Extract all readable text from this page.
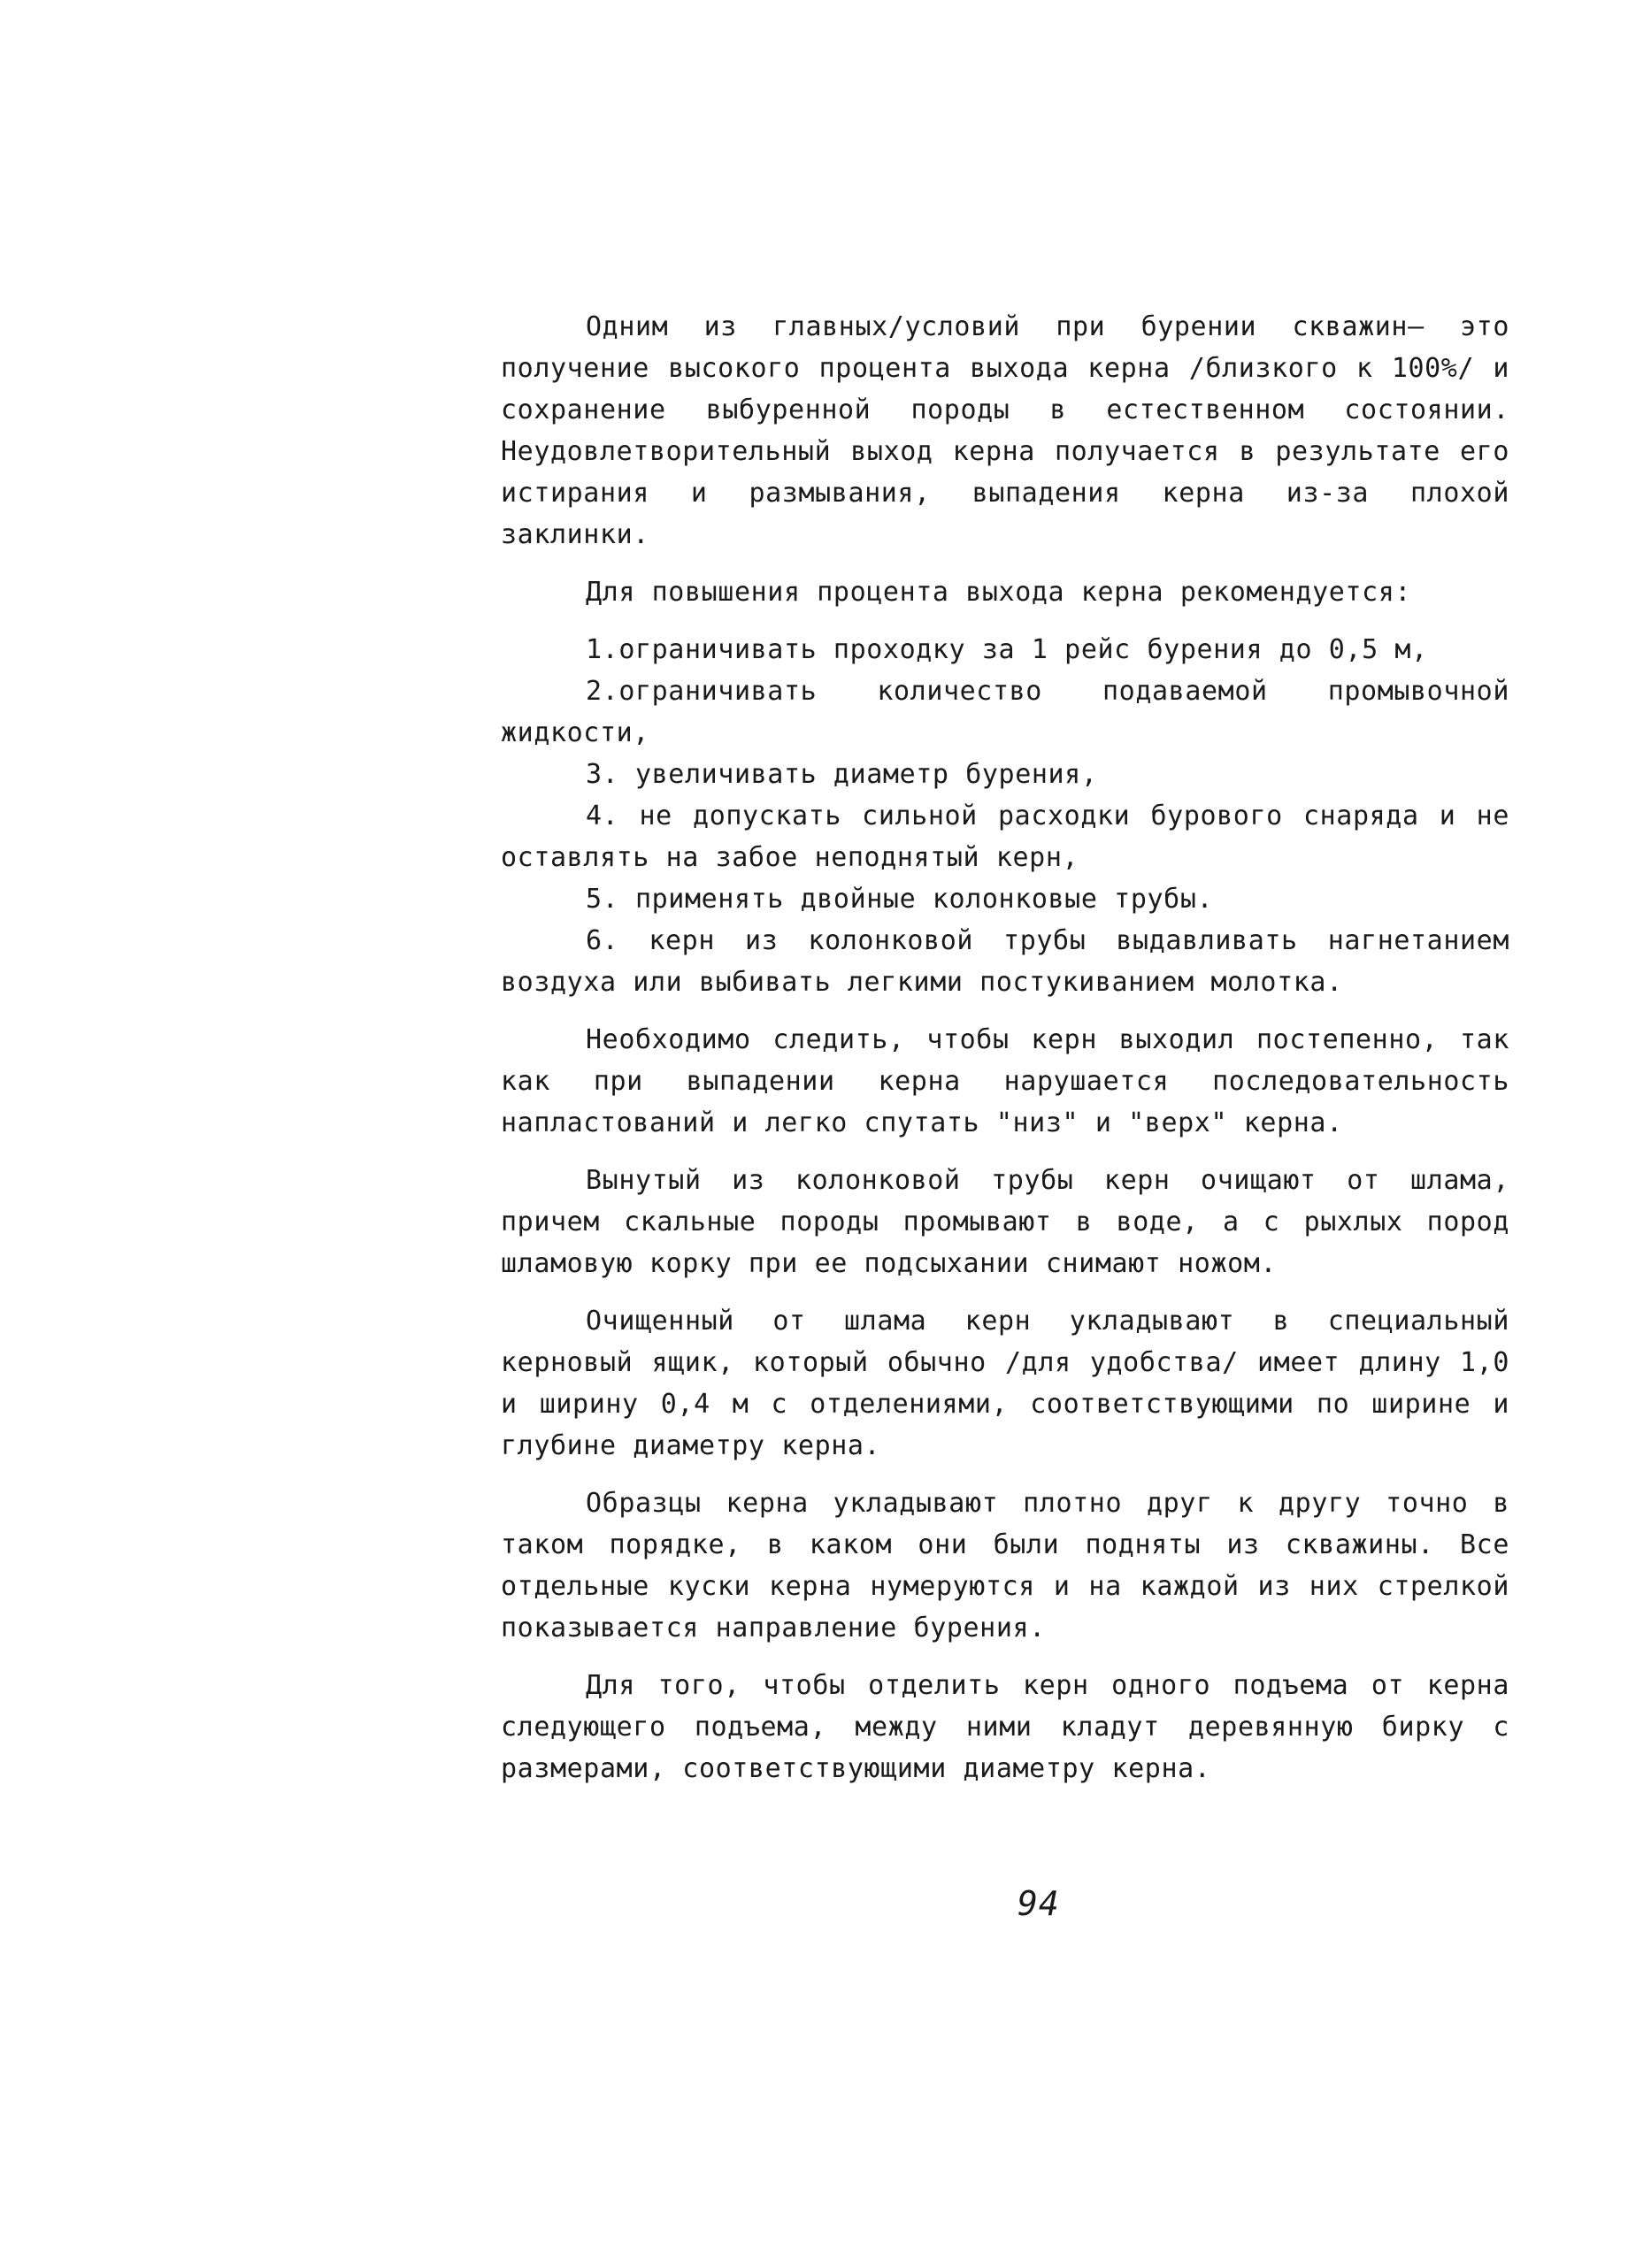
Одним из главных/условий при бурении скважин— это получение высокого процента выхода керна /близкого к 100%/ и сохранение выбуренной породы в естественном состоянии. Неудовлетворительный выход керна получается в результате его истирания и размывания, выпадения керна из-за плохой заклинки.

Для повышения процента выхода керна рекомендуется:

1.ограничивать проходку за 1 рейс бурения до 0,5 м,

2.ограничивать количество подаваемой промывочной жидкости,

3. увеличивать диаметр бурения,

4. не допускать сильной расходки бурового снаряда и не оставлять на забое неподнятый керн,

5. применять двойные колонковые трубы.

6. керн из колонковой трубы выдавливать нагнетанием воздуха или выбивать легкими постукиванием молотка.

Необходимо следить, чтобы керн выходил постепенно, так как при выпадении керна нарушается последовательность напластований и легко спутать "низ" и "верх" керна.

Вынутый из колонковой трубы керн очищают от шлама, причем скальные породы промывают в воде, а с рыхлых пород шламовую корку при ее подсыхании снимают ножом.

Очищенный от шлама керн укладывают в специальный керновый ящик, который обычно /для удобства/ имеет длину 1,0 и ширину 0,4 м с отделениями, соответствующими по ширине и глубине диаметру керна.

Образцы керна укладывают плотно друг к другу точно в таком порядке, в каком они были подняты из скважины. Все отдельные куски керна нумеруются и на каждой из них стрелкой показывается направление бурения.

Для того, чтобы отделить керн одного подъема от керна следующего подъема, между ними кладут деревянную бирку с размерами, соответствующими диаметру керна.

94
